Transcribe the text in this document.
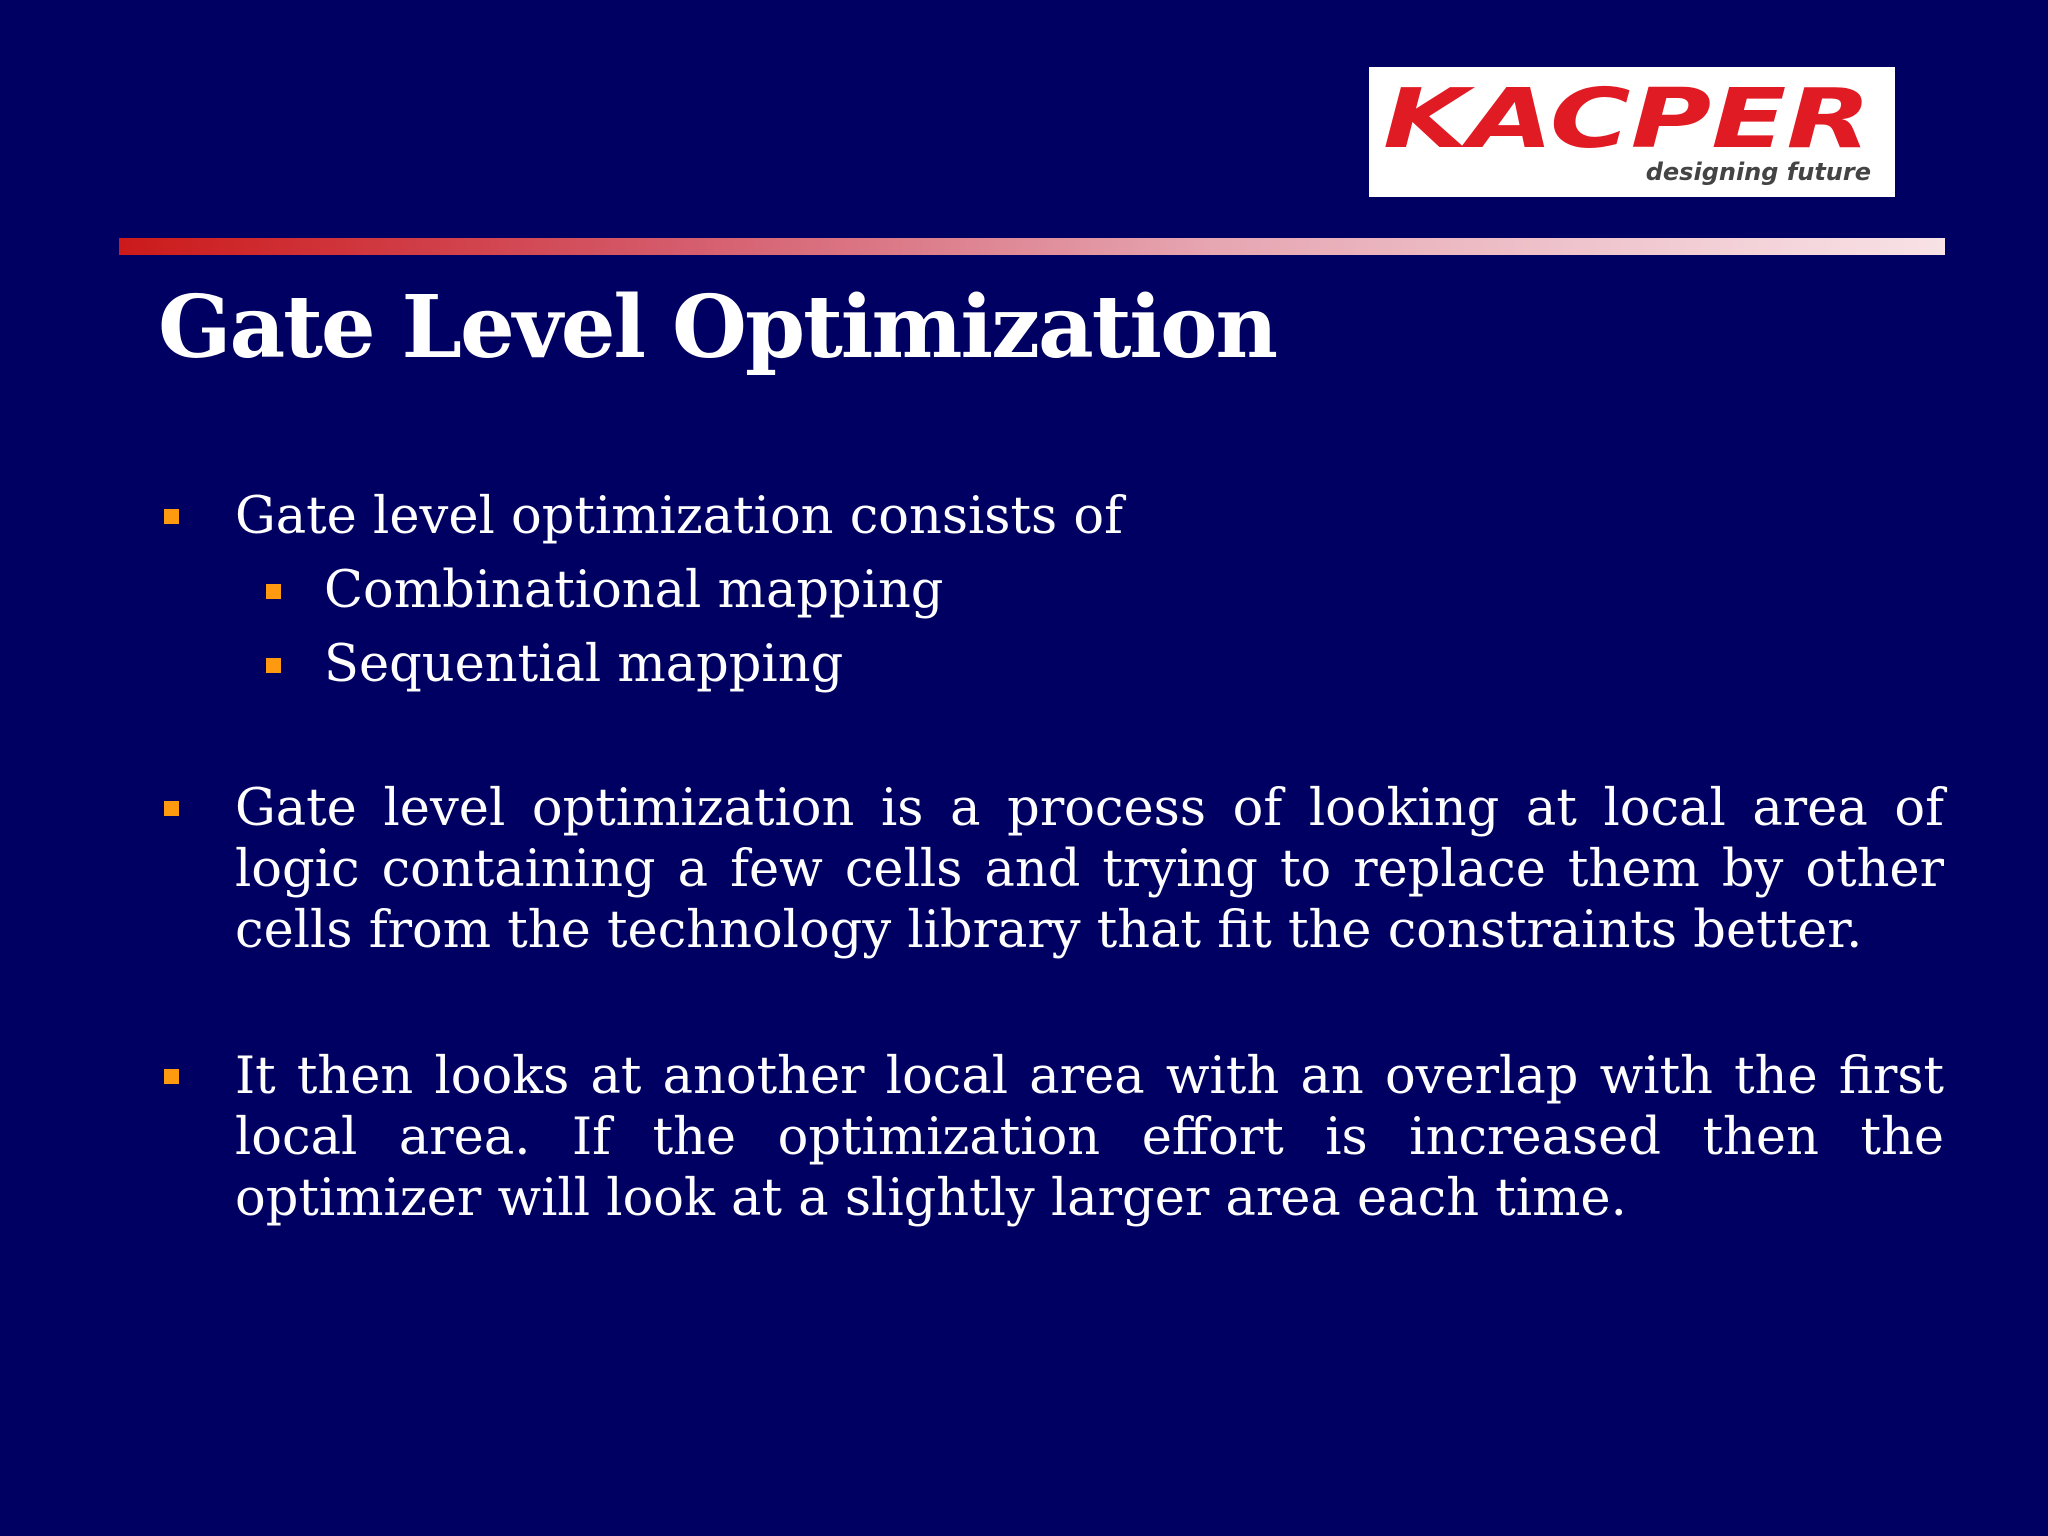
KACPER
designing future
Gate Level Optimization
Gate level optimization consists of
Combinational mapping
Sequential mapping
Gate level optimization is a process of looking at local area of logic containing a few cells and trying to replace them by other cells from the technology library that fit the constraints better.
It then looks at another local area with an overlap with the first local area. If the optimization effort is increased then the optimizer will look at a slightly larger area each time.
